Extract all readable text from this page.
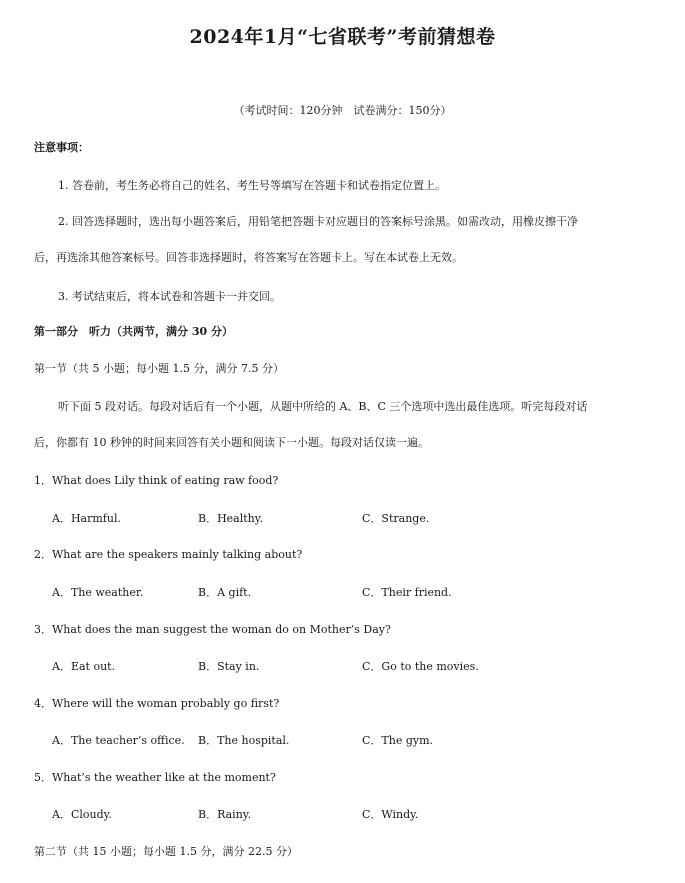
2024年1月“七省联考”考前猜想卷
（考试时间：120分钟　试卷满分：150分）
注意事项：
1. 答卷前，考生务必将自己的姓名、考生号等填写在答题卡和试卷指定位置上。
2. 回答选择题时，选出每小题答案后，用铅笔把答题卡对应题目的答案标号涂黑。如需改动，用橡皮擦干净
后，再选涂其他答案标号。回答非选择题时，将答案写在答题卡上。写在本试卷上无效。
3. 考试结束后，将本试卷和答题卡一并交回。
第一部分　听力（共两节，满分 30 分）
第一节（共 5 小题；每小题 1.5 分，满分 7.5 分）
听下面 5 段对话。每段对话后有一个小题，从题中所给的 A、B、C 三个选项中选出最佳选项。听完每段对话
后，你都有 10 秒钟的时间来回答有关小题和阅读下一小题。每段对话仅读一遍。
1．What does Lily think of eating raw food?
A．Harmful.	B．Healthy.	C．Strange.
2．What are the speakers mainly talking about?
A．The weather.	B．A gift.	C．Their friend.
3．What does the man suggest the woman do on Mother’s Day?
A．Eat out.	B．Stay in.	C．Go to the movies.
4．Where will the woman probably go first?
A．The teacher’s office. B．The hospital.	C．The gym.
5．What’s the weather like at the moment?
A．Cloudy.	B．Rainy.	C．Windy.
第二节（共 15 小题；每小题 1.5 分，满分 22.5 分）
